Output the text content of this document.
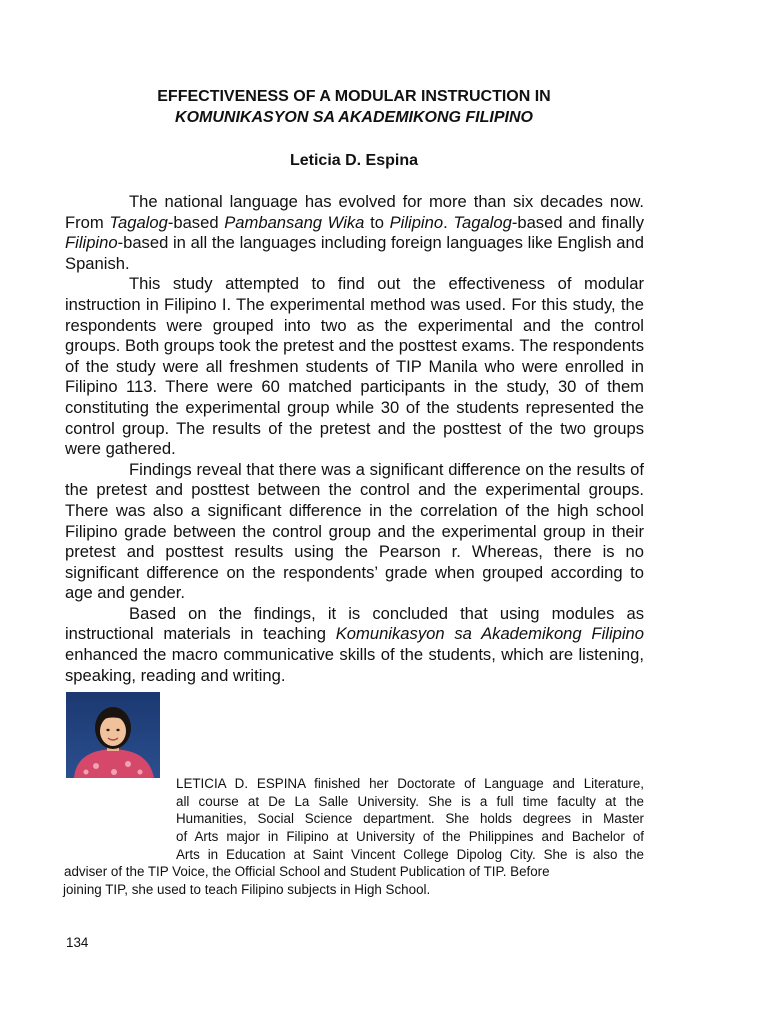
EFFECTIVENESS OF A MODULAR INSTRUCTION IN
KOMUNIKASYON SA AKADEMIKONG FILIPINO
Leticia D. Espina

The national language has evolved for more than six decades now. From Tagalog-based Pambansang Wika to Pilipino. Tagalog-based and finally Filipino-based in all the languages including foreign languages like English and Spanish.

This study attempted to find out the effectiveness of modular instruction in Filipino I. The experimental method was used. For this study, the respondents were grouped into two as the experimental and the control groups. Both groups took the pretest and the posttest exams. The respondents of the study were all freshmen students of TIP Manila who were enrolled in Filipino 113. There were 60 matched participants in the study, 30 of them constituting the experimental group while 30 of the students represented the control group. The results of the pretest and the posttest of the two groups were gathered.

Findings reveal that there was a significant difference on the results of the pretest and posttest between the control and the experimental groups. There was also a significant difference in the correlation of the high school Filipino grade between the control group and the experimental group in their pretest and posttest results using the Pearson r. Whereas, there is no significant difference on the respondents’ grade when grouped according to age and gender.

Based on the findings, it is concluded that using modules as instructional materials in teaching Komunikasyon sa Akademikong Filipino enhanced the macro communicative skills of the students, which are listening, speaking, reading and writing.

LETICIA D. ESPINA finished her Doctorate of Language and Literature,
all course at De La Salle University. She is a full time faculty at the
Humanities, Social Science department. She holds degrees in Master
of Arts major in Filipino at University of the Philippines and Bachelor of
Arts in Education at Saint Vincent College Dipolog City. She is also the
adviser of the TIP Voice, the Official School and Student Publication of TIP. Before
joining TIP, she used to teach Filipino subjects in High School.
134
